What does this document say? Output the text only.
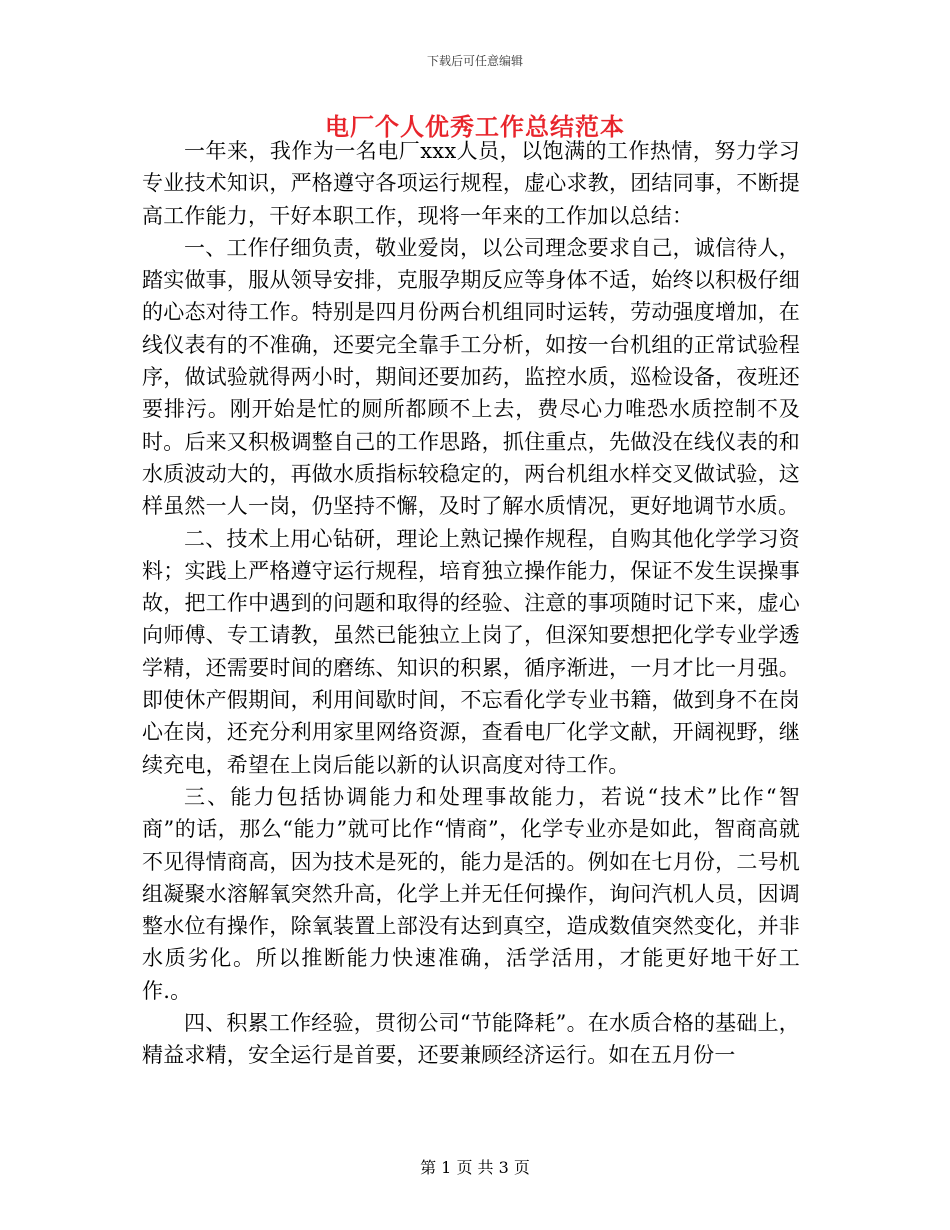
下载后可任意编辑
电厂个人优秀工作总结范本

一年来，我作为一名电厂xxx人员，以饱满的工作热情，努力学习专业技术知识，严格遵守各项运行规程，虚心求教，团结同事，不断提高工作能力，干好本职工作，现将一年来的工作加以总结：

一、工作仔细负责，敬业爱岗，以公司理念要求自己，诚信待人，踏实做事，服从领导安排，克服孕期反应等身体不适，始终以积极仔细的心态对待工作。特别是四月份两台机组同时运转，劳动强度增加，在线仪表有的不准确，还要完全靠手工分析，如按一台机组的正常试验程序，做试验就得两小时，期间还要加药，监控水质，巡检设备，夜班还要排污。刚开始是忙的厕所都顾不上去，费尽心力唯恐水质控制不及时。后来又积极调整自己的工作思路，抓住重点，先做没在线仪表的和水质波动大的，再做水质指标较稳定的，两台机组水样交叉做试验，这样虽然一人一岗，仍坚持不懈，及时了解水质情况，更好地调节水质。

二、技术上用心钻研，理论上熟记操作规程，自购其他化学学习资料；实践上严格遵守运行规程，培育独立操作能力，保证不发生误操事故，把工作中遇到的问题和取得的经验、注意的事项随时记下来，虚心向师傅、专工请教，虽然已能独立上岗了，但深知要想把化学专业学透学精，还需要时间的磨练、知识的积累，循序渐进，一月才比一月强。即使休产假期间，利用间歇时间，不忘看化学专业书籍，做到身不在岗心在岗，还充分利用家里网络资源，查看电厂化学文献，开阔视野，继续充电，希望在上岗后能以新的认识高度对待工作。

三、能力包括协调能力和处理事故能力，若说“技术”比作“智商”的话，那么“能力”就可比作“情商”，化学专业亦是如此，智商高就不见得情商高，因为技术是死的，能力是活的。例如在七月份，二号机组凝聚水溶解氧突然升高，化学上并无任何操作，询问汽机人员，因调整水位有操作，除氧装置上部没有达到真空，造成数值突然变化，并非水质劣化。所以推断能力快速准确，活学活用，才能更好地干好工作.。

四、积累工作经验，贯彻公司“节能降耗”。在水质合格的基础上，精益求精，安全运行是首要，还要兼顾经济运行。如在五月份一

第 1 页 共 3 页
